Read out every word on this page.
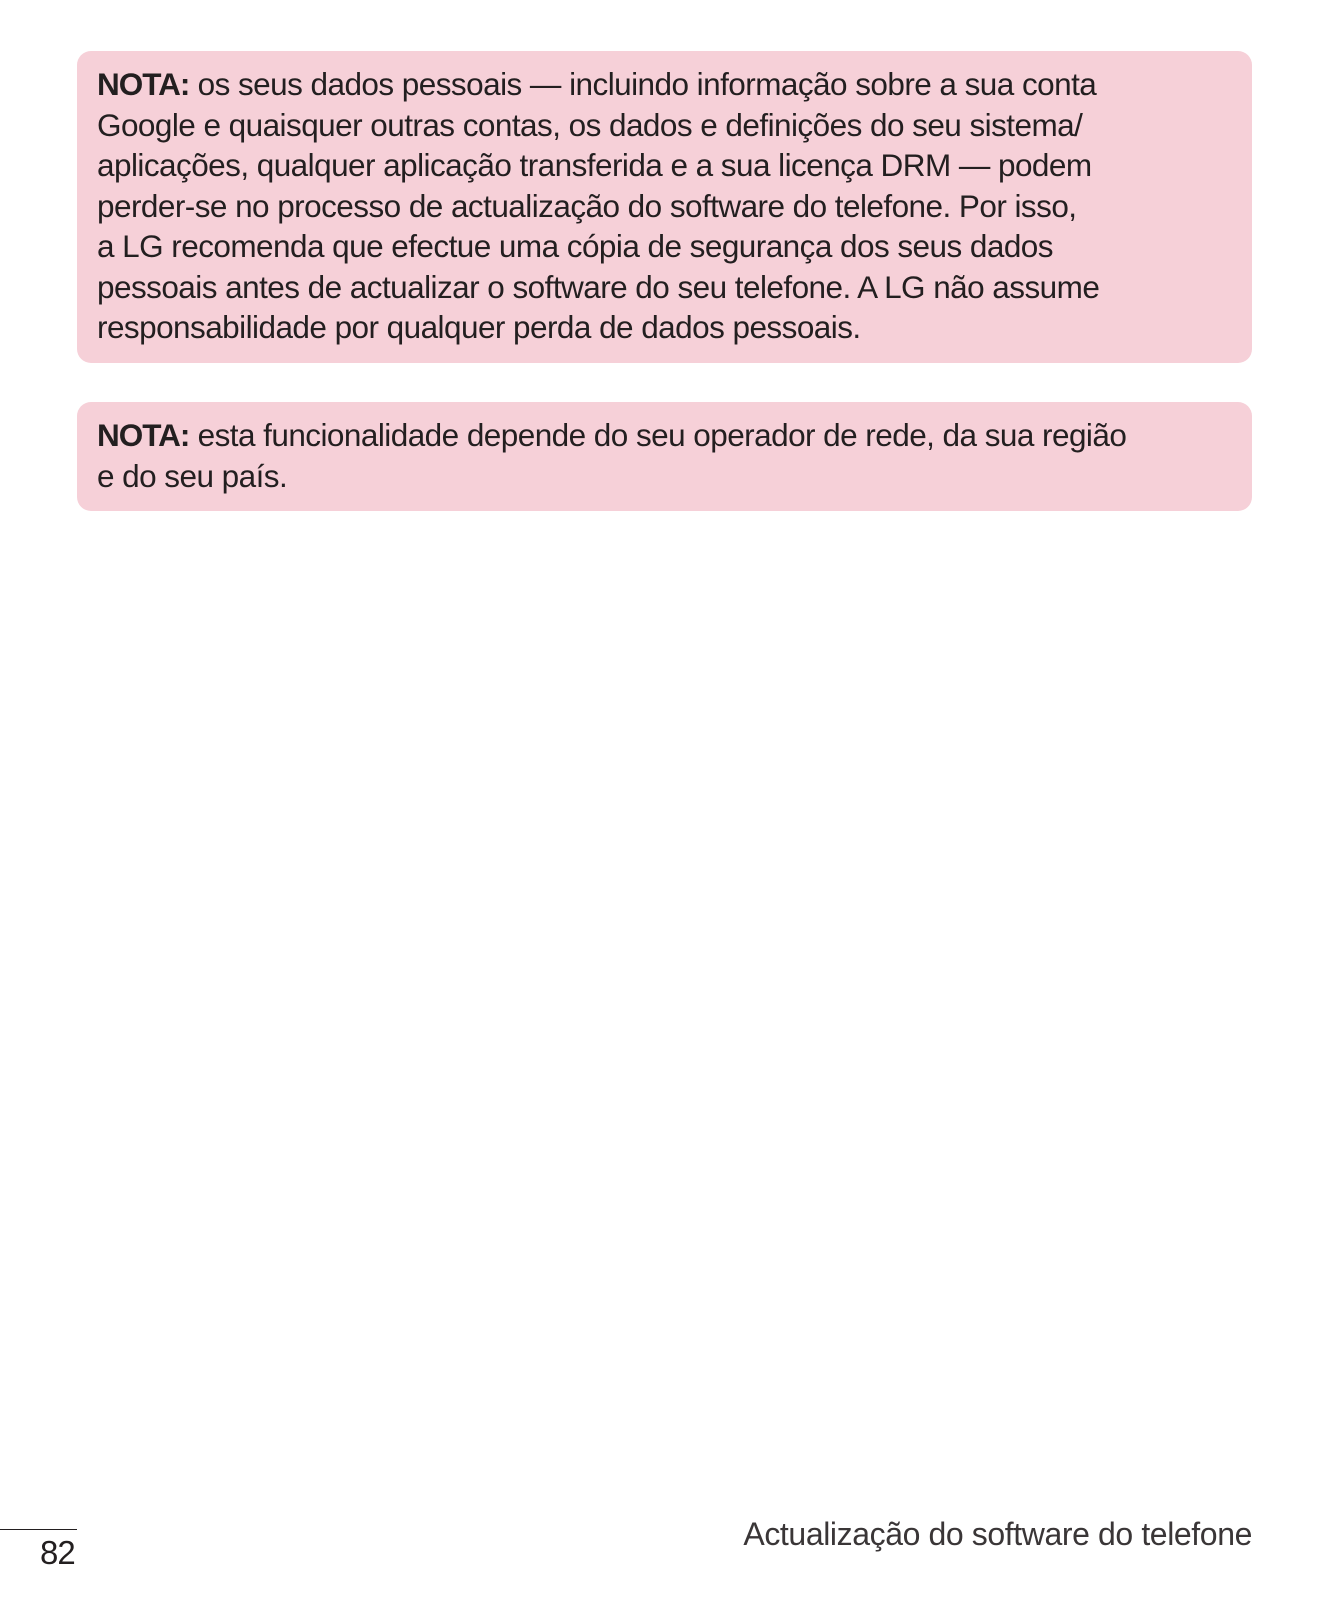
NOTA: os seus dados pessoais — incluindo informação sobre a sua conta
Google e quaisquer outras contas, os dados e definições do seu sistema/
aplicações, qualquer aplicação transferida e a sua licença DRM — podem
perder-se no processo de actualização do software do telefone. Por isso,
a LG recomenda que efectue uma cópia de segurança dos seus dados
pessoais antes de actualizar o software do seu telefone. A LG não assume
responsabilidade por qualquer perda de dados pessoais.
NOTA: esta funcionalidade depende do seu operador de rede, da sua região
e do seu país.
82	Actualização do software do telefone
